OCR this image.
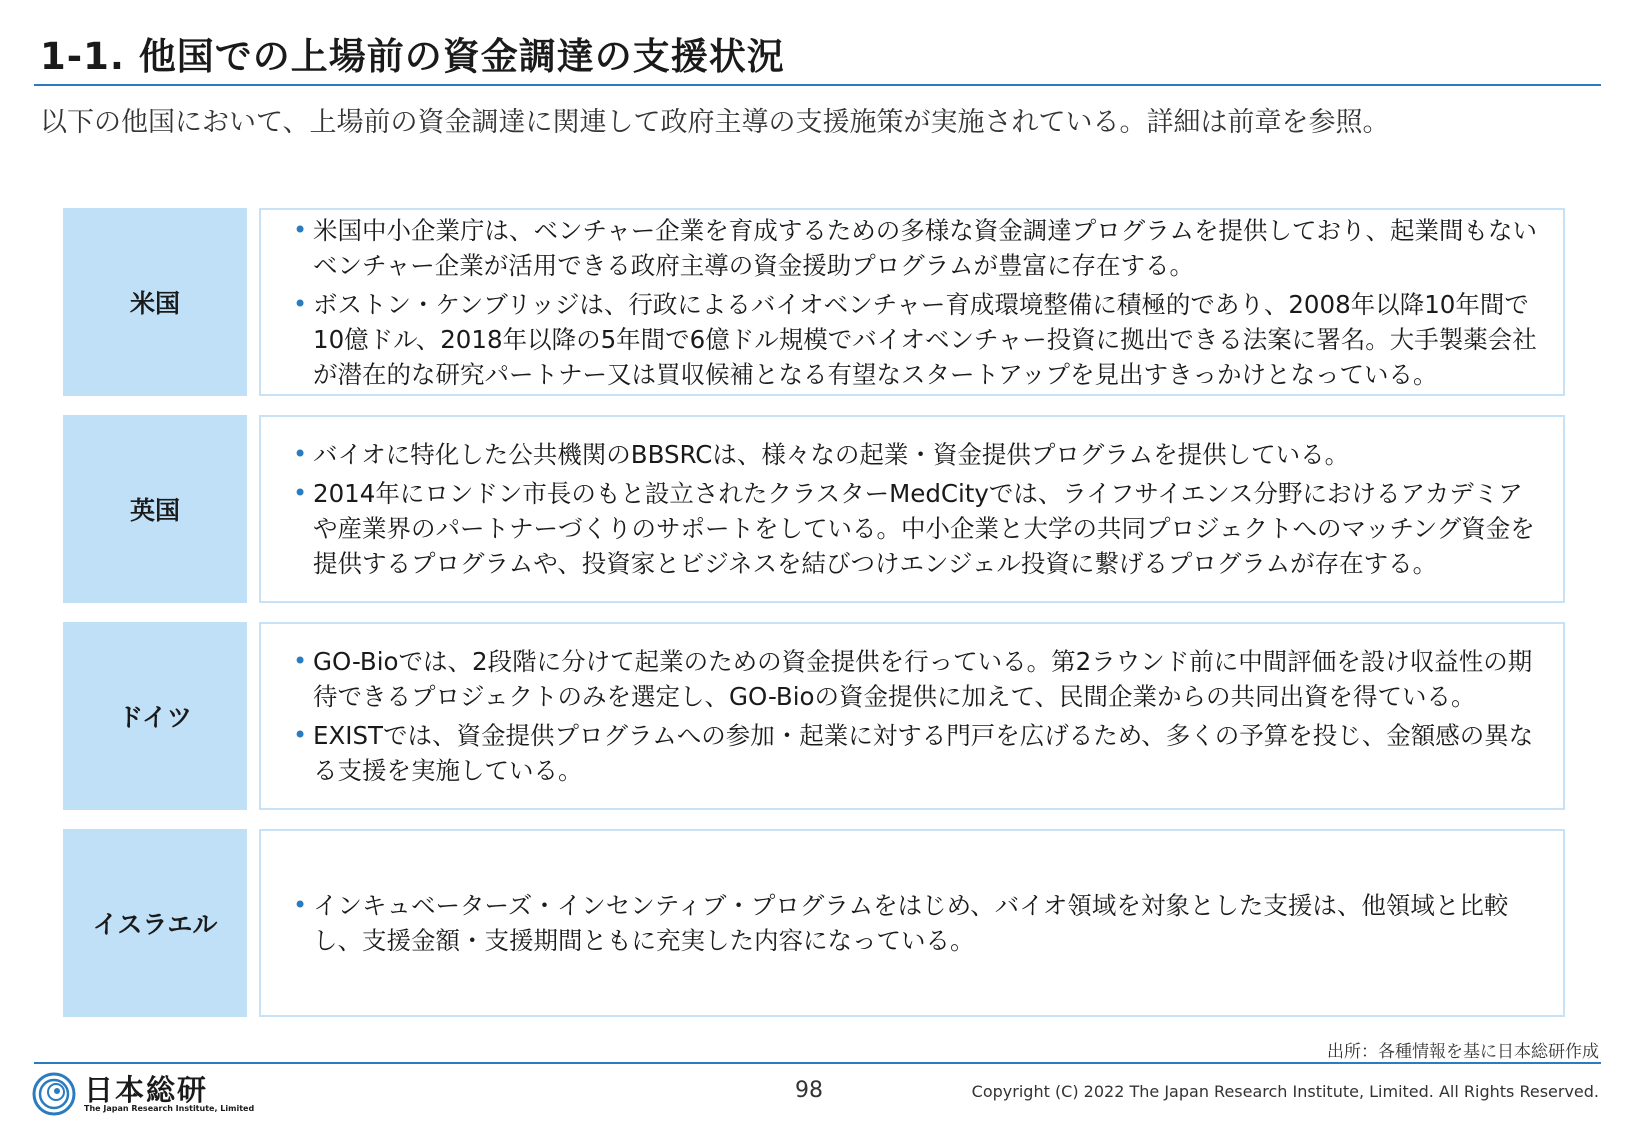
1-1. 他国での上場前の資金調達の支援状況

以下の他国において、上場前の資金調達に関連して政府主導の支援施策が実施されている。詳細は前章を参照。

米国
• 米国中小企業庁は、ベンチャー企業を育成するための多様な資金調達プログラムを提供しており、起業間もないベンチャー企業が活用できる政府主導の資金援助プログラムが豊富に存在する。
• ボストン・ケンブリッジは、行政によるバイオベンチャー育成環境整備に積極的であり、2008年以降10年間で10億ドル、2018年以降の5年間で6億ドル規模でバイオベンチャー投資に拠出できる法案に署名。大手製薬会社が潜在的な研究パートナー又は買収候補となる有望なスタートアップを見出すきっかけとなっている。
英国
• バイオに特化した公共機関のBBSRCは、様々なの起業・資金提供プログラムを提供している。
• 2014年にロンドン市長のもと設立されたクラスターMedCityでは、ライフサイエンス分野におけるアカデミアや産業界のパートナーづくりのサポートをしている。中小企業と大学の共同プロジェクトへのマッチング資金を提供するプログラムや、投資家とビジネスを結びつけエンジェル投資に繋げるプログラムが存在する。
ドイツ
• GO-Bioでは、2段階に分けて起業のための資金提供を行っている。第2ラウンド前に中間評価を設け収益性の期待できるプロジェクトのみを選定し、GO-Bioの資金提供に加えて、民間企業からの共同出資を得ている。
• EXISTでは、資金提供プログラムへの参加・起業に対する門戸を広げるため、多くの予算を投じ、金額感の異なる支援を実施している。
イスラエル
• インキュベーターズ・インセンティブ・プログラムをはじめ、バイオ領域を対象とした支援は、他領域と比較し、支援金額・支援期間ともに充実した内容になっている。
出所：各種情報を基に日本総研作成
日本総研
The Japan Research Institute, Limited
98	Copyright (C) 2022 The Japan Research Institute, Limited. All Rights Reserved.
